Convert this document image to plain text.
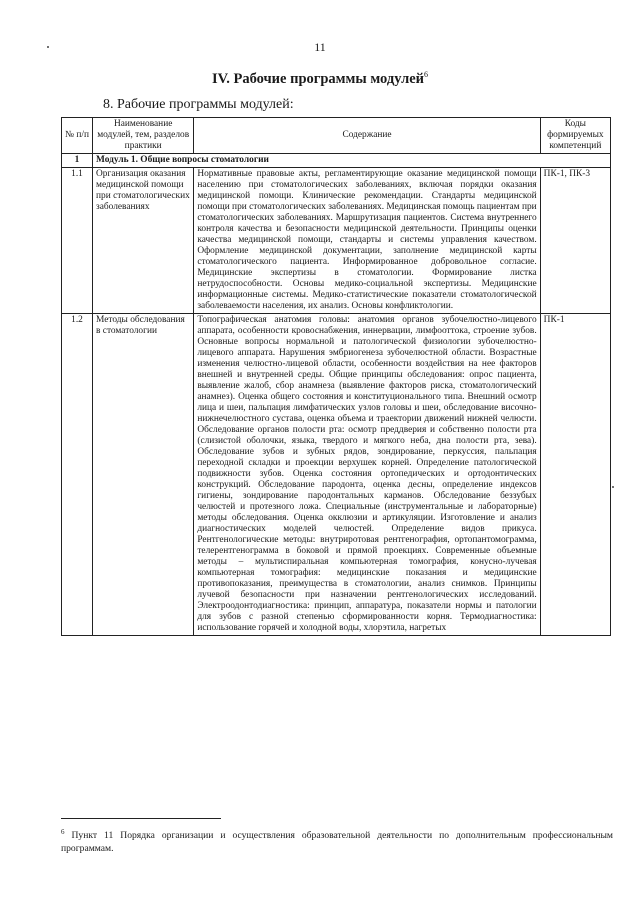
11
IV. Рабочие программы модулей$^6$
8. Рабочие программы модулей:
№ п/п	Наименование модулей, тем, разделов практики	Содержание	Коды формируемых компетенций
1	Модуль 1. Общие вопросы стоматологии		
1.1	Организация оказания медицинской помощи при стоматологических заболеваниях	Нормативные правовые акты, регламентирующие оказание медицинской помощи населению при стоматологических заболеваниях, включая порядки оказания медицинской помощи. Клинические рекомендации. Стандарты медицинской помощи при стоматологических заболеваниях. Медицинская помощь пациентам при стоматологических заболеваниях. Маршрутизация пациентов. Система внутреннего контроля качества и безопасности медицинской деятельности. Принципы оценки качества медицинской помощи, стандарты и системы управления качеством. Оформление медицинской документации, заполнение медицинской карты стоматологического пациента. Информированное добровольное согласие. Медицинские экспертизы в стоматологии. Формирование листка нетрудоспособности. Основы медико-социальной экспертизы. Медицинские информационные системы. Медико-статистические показатели стоматологической заболеваемости населения, их анализ. Основы конфликтологии.	ПК-1, ПК-3
1.2	Методы обследования в стоматологии	Топографическая анатомия головы: анатомия органов зубочелюстно-лицевого аппарата, особенности кровоснабжения, иннервации, лимфооттока, строение зубов. Основные вопросы нормальной и патологической физиологии зубочелюстно-лицевого аппарата. Нарушения эмбриогенеза зубочелюстной области. Возрастные изменения челюстно-лицевой области, особенности воздействия на нее факторов внешней и внутренней среды. Общие принципы обследования: опрос пациента, выявление жалоб, сбор анамнеза (выявление факторов риска, стоматологический анамнез). Оценка общего состояния и конституционального типа. Внешний осмотр лица и шеи, пальпация лимфатических узлов головы и шеи, обследование височно-нижнечелюстного сустава, оценка объема и траектории движений нижней челюсти. Обследование органов полости рта: осмотр преддверия и собственно полости рта (слизистой оболочки, языка, твердого и мягкого неба, дна полости рта, зева). Обследование зубов и зубных рядов, зондирование, перкуссия, пальпация переходной складки и проекции верхушек корней. Определение патологической подвижности зубов. Оценка состояния ортопедических и ортодонтических конструкций. Обследование пародонта, оценка десны, определение индексов гигиены, зондирование пародонтальных карманов. Обследование беззубых челюстей и протезного ложа. Специальные (инструментальные и лабораторные) методы обследования. Оценка окклюзии и артикуляции. Изготовление и анализ диагностических моделей челюстей. Определение видов прикуса. Рентгенологические методы: внутриротовая рентгенография, ортопантомограмма, телерентгенограмма в боковой и прямой проекциях. Современные объемные методы – мультиспиральная компьютерная томография, конусно-лучевая компьютерная томография: медицинские показания и медицинские противопоказания, преимущества в стоматологии, анализ снимков. Принципы лучевой безопасности при назначении рентгенологических исследований. Электроодонтодиагностика: принцип, аппаратура, показатели нормы и патологии для зубов с разной степенью сформированности корня. Термодиагностика: использование горячей и холодной воды, хлорэтила, нагретых	ПК-1
$^6$ Пункт 11 Порядка организации и осуществления образовательной деятельности по дополнительным профессиональным программам.
